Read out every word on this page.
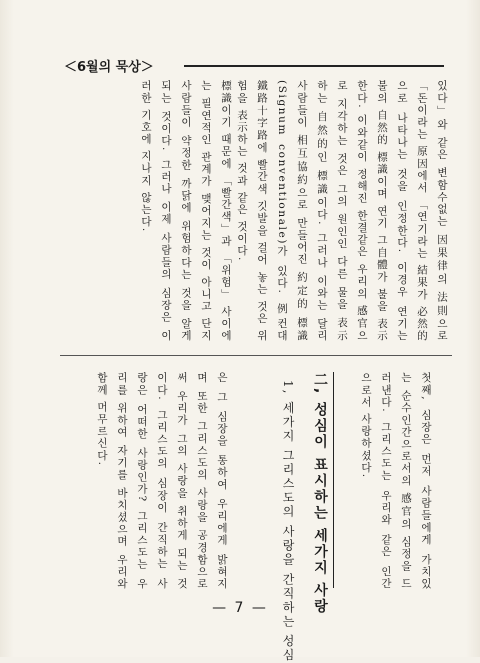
＜6월의 묵상＞

있다」와 같은 변함수없는 因果律의 法則으로「돈이라는 原因에서 「연기라는 結果가 必然的으로 나타나는 것을 인정한다. 이경우 연기는 불의 自然的 標識이며 연기 그自體가 불을 表示한다. 이와같이 정해진 한결같은 우리의 感官으로 지각하는 것은 그의 원인인 다른 물을 表示하는 自然的인 標識이다. 그러나 이와는 달리 사람들이 相互協約으로 만들어진 約定的 標識(Signum conventionale)가 있다. 例컨대 鐵路十字路에 빨간색 깃발을 걸어 놓는 것은 위험을 表示하는 것과 같은 것이다.

標識이기 때문에 「빨간색」과 「위험」 사이에는 필연적인 관계가 맺어지는 것이 아니고 단지 사람들이 약정한 까닭에 위험하다는 것을 알게 되는 것이다. 그러나 이제 사람들의 심장은 이러한 기호에 지나지 않는다.

첫째, 심장은 먼저 사람들에게 가치있는 순수인간으로서의 感官의 심정을 드러낸다. 그리스도는 우리와 같은 인간으로서 사랑하셨다.

二, 성심이 표시하는 세가지 사랑
1, 세가지 그리스도의 사랑을 간직하는 성심

은 그 심장을 통하여 우리에게 밝혀지며 또한 그리스도의 사랑을 공경함으로써 우리가 그의 사랑을 취하게 되는 것이다. 그리스도의 심장이 간직하는 사랑은 어떠한 사랑인가? 그리스도는 우리를 위하여 자기를 바치셨으며 우리와 함께 머무르신다.

— 7 —
